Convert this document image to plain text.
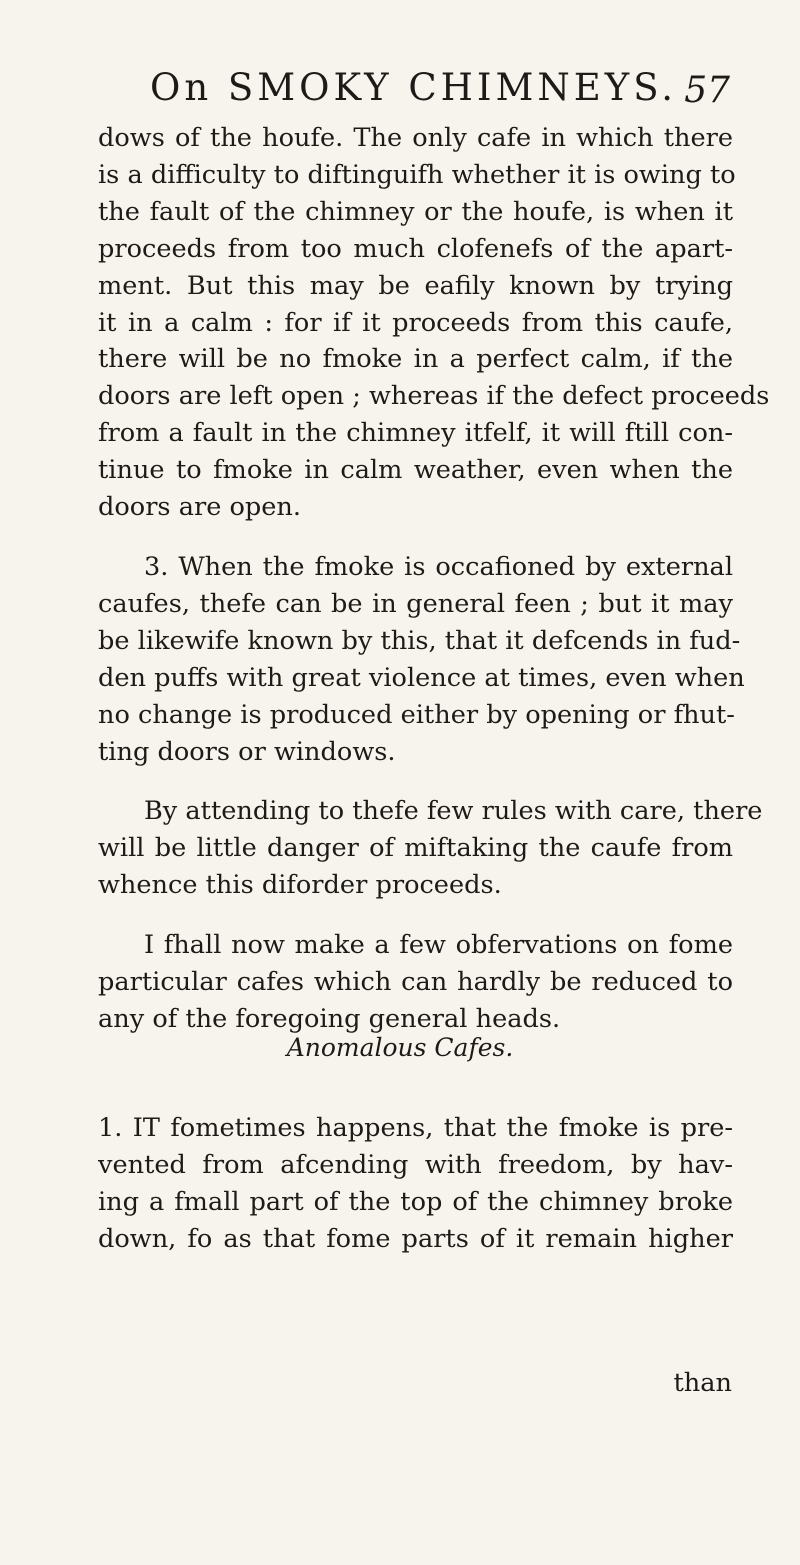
On SMOKY CHIMNEYS. 57
dows of the houfe. The only cafe in which there
is a difficulty to diftinguifh whether it is owing to
the fault of the chimney or the houfe, is when it
proceeds from too much clofenefs of the apart-
ment. But this may be eafily known by trying
it in a calm : for if it proceeds from this caufe,
there will be no fmoke in a perfect calm, if the
doors are left open ; whereas if the defect proceeds
from a fault in the chimney itfelf, it will ftill con-
tinue to fmoke in calm weather, even when the
doors are open.
3. When the fmoke is occafioned by external
caufes, thefe can be in general feen ; but it may
be likewife known by this, that it defcends in fud-
den puffs with great violence at times, even when
no change is produced either by opening or fhut-
ting doors or windows.
By attending to thefe few rules with care, there
will be little danger of miftaking the caufe from
whence this diforder proceeds.
I fhall now make a few obfervations on fome
particular cafes which can hardly be reduced to
any of the foregoing general heads.
Anomalous Cafes.
1. IT fometimes happens, that the fmoke is pre-
vented from afcending with freedom, by hav-
ing a fmall part of the top of the chimney broke
down, fo as that fome parts of it remain higher
than
